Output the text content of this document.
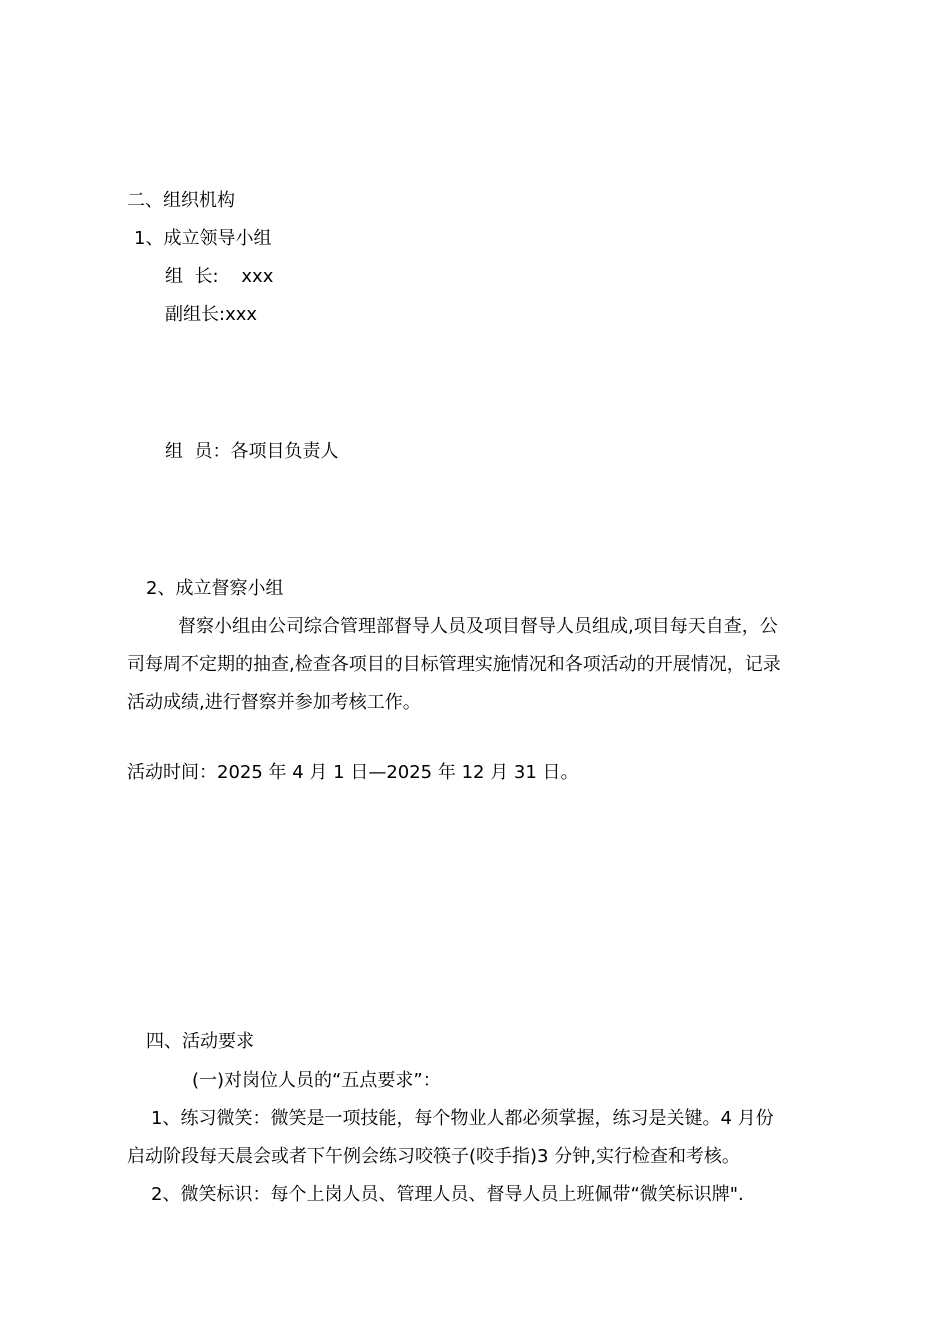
二、组织机构
1、成立领导小组
组  长:    xxx
副组长:xxx
组  员：各项目负责人
2、成立督察小组
督察小组由公司综合管理部督导人员及项目督导人员组成,项目每天自查，公
司每周不定期的抽查,检查各项目的目标管理实施情况和各项活动的开展情况，记录
活动成绩,进行督察并参加考核工作。
活动时间：2025 年 4 月 1 日—2025 年 12 月 31 日。
四、活动要求
(一)对岗位人员的“五点要求”：
1、练习微笑：微笑是一项技能，每个物业人都必须掌握，练习是关键。4 月份
启动阶段每天晨会或者下午例会练习咬筷子(咬手指)3 分钟,实行检查和考核。
2、微笑标识：每个上岗人员、管理人员、督导人员上班佩带“微笑标识牌".
